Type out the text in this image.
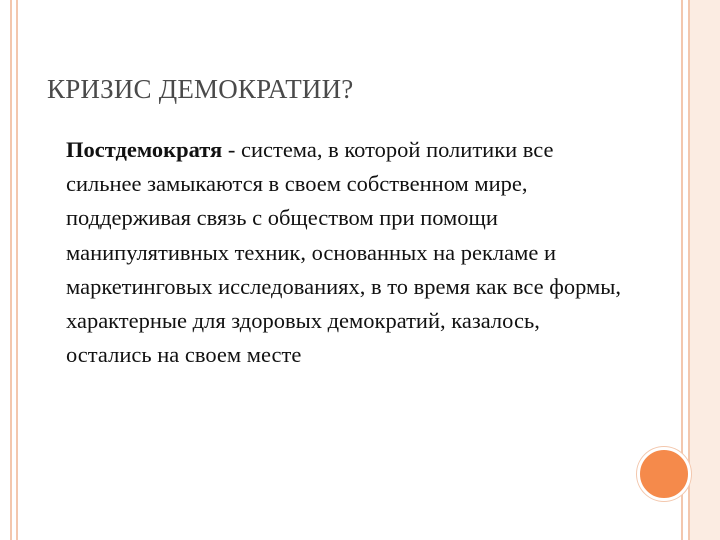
КРИЗИС ДЕМОКРАТИИ?

Постдемократя - система, в которой политики все сильнее замыкаются в своем собственном мире, поддерживая связь с обществом при помощи манипулятивных техник, основанных на рекламе и маркетинговых исследованиях, в то время как все формы, характерные для здоровых демократий, казалось, остались на своем месте
